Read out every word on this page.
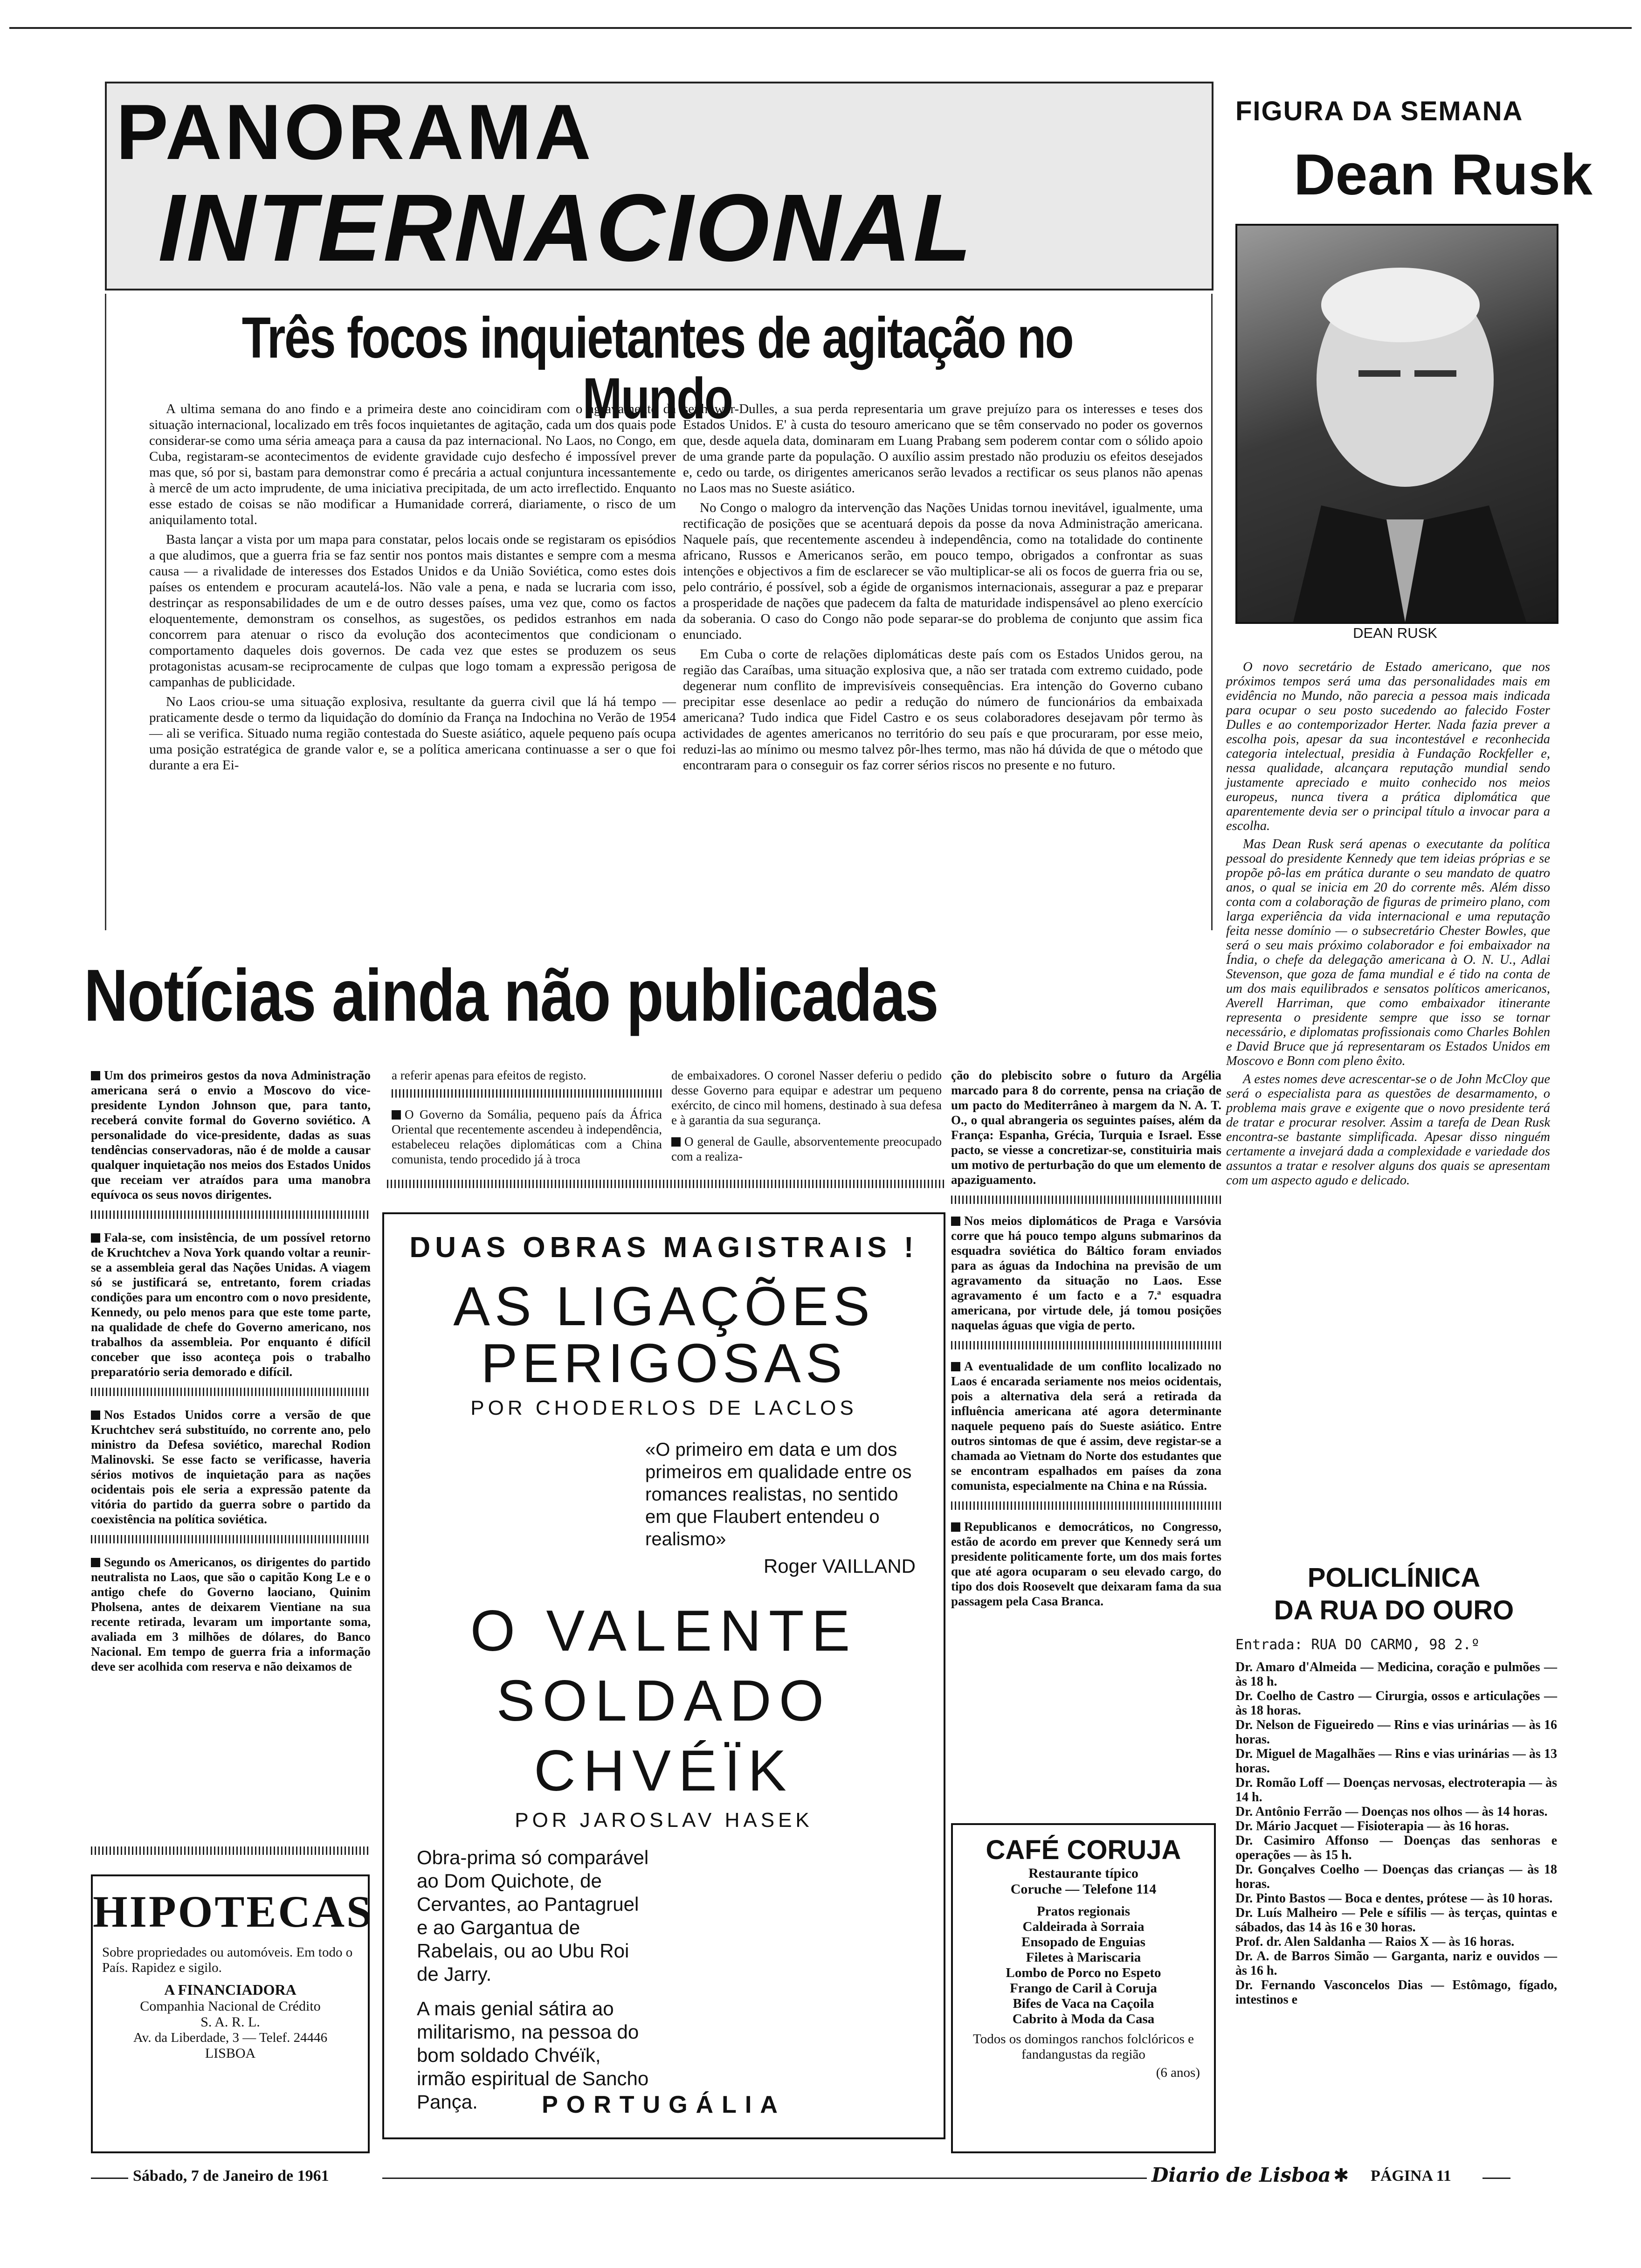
PANORAMA
INTERNACIONAL
FIGURA DA SEMANA
Dean Rusk
DEAN RUSK

O novo secretário de Estado americano, que nos próximos tempos será uma das personalidades mais em evidência no Mundo, não parecia a pessoa mais indicada para ocupar o seu posto sucedendo ao falecido Foster Dulles e ao contemporizador Herter. Nada fazia prever a escolha pois, apesar da sua incontestável e reconhecida categoria intelectual, presidia à Fundação Rockfeller e, nessa qualidade, alcançara reputação mundial sendo justamente apreciado e muito conhecido nos meios europeus, nunca tivera a prática diplomática que aparentemente devia ser o principal título a invocar para a escolha.

Mas Dean Rusk será apenas o executante da política pessoal do presidente Kennedy que tem ideias próprias e se propõe pô-las em prática durante o seu mandato de quatro anos, o qual se inicia em 20 do corrente mês. Além disso conta com a colaboração de figuras de primeiro plano, com larga experiência da vida internacional e uma reputação feita nesse domínio — o subsecretário Chester Bowles, que será o seu mais próximo colaborador e foi embaixador na Índia, o chefe da delegação americana à O. N. U., Adlai Stevenson, que goza de fama mundial e é tido na conta de um dos mais equilibrados e sensatos políticos americanos, Averell Harriman, que como embaixador itinerante representa o presidente sempre que isso se tornar necessário, e diplomatas profissionais como Charles Bohlen e David Bruce que já representaram os Estados Unidos em Moscovo e Bonn com pleno êxito.

A estes nomes deve acrescentar-se o de John McCloy que será o especialista para as questões de desarmamento, o problema mais grave e exigente que o novo presidente terá de tratar e procurar resolver. Assim a tarefa de Dean Rusk encontra-se bastante simplificada. Apesar disso ninguém certamente a invejará dada a complexidade e variedade dos assuntos a tratar e resolver alguns dos quais se apresentam com um aspecto agudo e delicado.

Três focos inquietantes de agitação no Mundo

A ultima semana do ano findo e a primeira deste ano coincidiram com o agravamento da situação internacional, localizado em três focos inquietantes de agitação, cada um dos quais pode considerar-se como uma séria ameaça para a causa da paz internacional. No Laos, no Congo, em Cuba, registaram-se acontecimentos de evidente gravidade cujo desfecho é impossível prever mas que, só por si, bastam para demonstrar como é precária a actual conjuntura incessantemente à mercê de um acto imprudente, de uma iniciativa precipitada, de um acto irreflectido. Enquanto esse estado de coisas se não modificar a Humanidade correrá, diariamente, o risco de um aniquilamento total.

Basta lançar a vista por um mapa para constatar, pelos locais onde se registaram os episódios a que aludimos, que a guerra fria se faz sentir nos pontos mais distantes e sempre com a mesma causa — a rivalidade de interesses dos Estados Unidos e da União Soviética, como estes dois países os entendem e procuram acautelá-los. Não vale a pena, e nada se lucraria com isso, destrinçar as responsabilidades de um e de outro desses países, uma vez que, como os factos eloquentemente, demonstram os conselhos, as sugestões, os pedidos estranhos em nada concorrem para atenuar o risco da evolução dos acontecimentos que condicionam o comportamento daqueles dois governos. De cada vez que estes se produzem os seus protagonistas acusam-se reciprocamente de culpas que logo tomam a expressão perigosa de campanhas de publicidade.

No Laos criou-se uma situação explosiva, resultante da guerra civil que lá há tempo — praticamente desde o termo da liquidação do domínio da França na Indochina no Verão de 1954 — ali se verifica. Situado numa região contestada do Sueste asiático, aquele pequeno país ocupa uma posição estratégica de grande valor e, se a política americana continuasse a ser o que foi durante a era Ei-

senhower-Dulles, a sua perda representaria um grave prejuízo para os interesses e teses dos Estados Unidos. E' à custa do tesouro americano que se têm conservado no poder os governos que, desde aquela data, dominaram em Luang Prabang sem poderem contar com o sólido apoio de uma grande parte da população. O auxílio assim prestado não produziu os efeitos desejados e, cedo ou tarde, os dirigentes americanos serão levados a rectificar os seus planos não apenas no Laos mas no Sueste asiático.

No Congo o malogro da intervenção das Nações Unidas tornou inevitável, igualmente, uma rectificação de posições que se acentuará depois da posse da nova Administração americana. Naquele país, que recentemente ascendeu à independência, como na totalidade do continente africano, Russos e Americanos serão, em pouco tempo, obrigados a confrontar as suas intenções e objectivos a fim de esclarecer se vão multiplicar-se ali os focos de guerra fria ou se, pelo contrário, é possível, sob a égide de organismos internacionais, assegurar a paz e preparar a prosperidade de nações que padecem da falta de maturidade indispensável ao pleno exercício da soberania. O caso do Congo não pode separar-se do problema de conjunto que assim fica enunciado.

Em Cuba o corte de relações diplomáticas deste país com os Estados Unidos gerou, na região das Caraíbas, uma situação explosiva que, a não ser tratada com extremo cuidado, pode degenerar num conflito de imprevisíveis consequências. Era intenção do Governo cubano precipitar esse desenlace ao pedir a redução do número de funcionários da embaixada americana? Tudo indica que Fidel Castro e os seus colaboradores desejavam pôr termo às actividades de agentes americanos no território do seu país e que procuraram, por esse meio, reduzi-las ao mínimo ou mesmo talvez pôr-lhes termo, mas não há dúvida de que o método que encontraram para o conseguir os faz correr sérios riscos no presente e no futuro.

Notícias ainda não publicadas
Um dos primeiros gestos da nova Administração americana será o envio a Moscovo do vice-presidente Lyndon Johnson que, para tanto, receberá convite formal do Governo soviético. A personalidade do vice-presidente, dadas as suas tendências conservadoras, não é de molde a causar qualquer inquietação nos meios dos Estados Unidos que receiam ver atraídos para uma manobra equívoca os seus novos dirigentes.
Fala-se, com insistência, de um possível retorno de Kruchtchev a Nova York quando voltar a reunir-se a assembleia geral das Nações Unidas. A viagem só se justificará se, entretanto, forem criadas condições para um encontro com o novo presidente, Kennedy, ou pelo menos para que este tome parte, na qualidade de chefe do Governo americano, nos trabalhos da assembleia. Por enquanto é difícil conceber que isso aconteça pois o trabalho preparatório seria demorado e difícil.
Nos Estados Unidos corre a versão de que Kruchtchev será substituído, no corrente ano, pelo ministro da Defesa soviético, marechal Rodion Malinovski. Se esse facto se verificasse, haveria sérios motivos de inquietação para as nações ocidentais pois ele seria a expressão patente da vitória do partido da guerra sobre o partido da coexistência na política soviética.
Segundo os Americanos, os dirigentes do partido neutralista no Laos, que são o capitão Kong Le e o antigo chefe do Governo laociano, Quinim Pholsena, antes de deixarem Vientiane na sua recente retirada, levaram um importante soma, avaliada em 3 milhões de dólares, do Banco Nacional. Em tempo de guerra fria a informação deve ser acolhida com reserva e não deixamos de
a referir apenas para efeitos de registo.
O Governo da Somália, pequeno país da África Oriental que recentemente ascendeu à independência, estabeleceu relações diplomáticas com a China comunista, tendo procedido já à troca
de embaixadores. O coronel Nasser deferiu o pedido desse Governo para equipar e adestrar um pequeno exército, de cinco mil homens, destinado à sua defesa e à garantia da sua segurança.
O general de Gaulle, absorventemente preocupado com a realiza-
ção do plebiscito sobre o futuro da Argélia marcado para 8 do corrente, pensa na criação de um pacto do Mediterrâneo à margem da N. A. T. O., o qual abrangeria os seguintes países, além da França: Espanha, Grécia, Turquia e Israel. Esse pacto, se viesse a concretizar-se, constituiria mais um motivo de perturbação do que um elemento de apaziguamento.
Nos meios diplomáticos de Praga e Varsóvia corre que há pouco tempo alguns submarinos da esquadra soviética do Báltico foram enviados para as águas da Indochina na previsão de um agravamento da situação no Laos. Esse agravamento é um facto e a 7.ª esquadra americana, por virtude dele, já tomou posições naquelas águas que vigia de perto.
A eventualidade de um conflito localizado no Laos é encarada seriamente nos meios ocidentais, pois a alternativa dela será a retirada da influência americana até agora determinante naquele pequeno país do Sueste asiático. Entre outros sintomas de que é assim, deve registar-se a chamada ao Vietnam do Norte dos estudantes que se encontram espalhados em países da zona comunista, especialmente na China e na Rússia.
Republicanos e democráticos, no Congresso, estão de acordo em prever que Kennedy será um presidente politicamente forte, um dos mais fortes que até agora ocuparam o seu elevado cargo, do tipo dos dois Roosevelt que deixaram fama da sua passagem pela Casa Branca.
DUAS OBRAS MAGISTRAIS !
AS LIGAÇÕES
PERIGOSAS
POR CHODERLOS DE LACLOS
«O primeiro em data e um dos primeiros em qualidade entre os romances realistas, no sentido em que Flaubert entendeu o realismo»
Roger VAILLAND
O VALENTE
SOLDADO
CHVÉÏK
POR JAROSLAV HASEK
Obra-prima só comparável ao Dom Quichote, de Cervantes, ao Pantagruel e ao Gargantua de Rabelais, ou ao Ubu Roi de Jarry.
A mais genial sátira ao militarismo, na pessoa do bom soldado Chvéïk, irmão espiritual de Sancho Pança.	PORTUGÁLIA
HIPOTECAS
Sobre propriedades ou automóveis. Em todo o País. Rapidez e sigilo.
A FINANCIADORA
Companhia Nacional de Crédito
S. A. R. L.
Av. da Liberdade, 3 — Telef. 24446
LISBOA
CAFÉ CORUJA
Restaurante típico
Coruche — Telefone 114
Pratos regionais
Caldeirada à Sorraia
Ensopado de Enguias
Filetes à Mariscaria
Lombo de Porco no Espeto
Frango de Caril à Coruja
Bifes de Vaca na Caçoila
Cabrito à Moda da Casa
Todos os domingos ranchos folclóricos e fandangustas da região
(6 anos)
POLICLÍNICA
DA RUA DO OURO
Entrada: RUA DO CARMO, 98 2.º
Dr. Amaro d'Almeida — Medicina, coração e pulmões — às 18 h.
Dr. Coelho de Castro — Cirurgia, ossos e articulações — às 18 horas.
Dr. Nelson de Figueiredo — Rins e vias urinárias — às 16 horas.
Dr. Miguel de Magalhães — Rins e vias urinárias — às 13 horas.
Dr. Romão Loff — Doenças nervosas, electroterapia — às 14 h.
Dr. Antônio Ferrão — Doenças nos olhos — às 14 horas.
Dr. Mário Jacquet — Fisioterapia — às 16 horas.
Dr. Casimiro Affonso — Doenças das senhoras e operações — às 15 h.
Dr. Gonçalves Coelho — Doenças das crianças — às 18 horas.
Dr. Pinto Bastos — Boca e dentes, prótese — às 10 horas.
Dr. Luís Malheiro — Pele e sífilis — às terças, quintas e sábados, das 14 às 16 e 30 horas.
Prof. dr. Alen Saldanha — Raios X — às 16 horas.
Dr. A. de Barros Simão — Garganta, nariz e ouvidos — às 16 h.
Dr. Fernando Vasconcelos Dias — Estômago, fígado, intestinos e
Sábado, 7 de Janeiro de 1961	Diario de Lisboa ✱ PÁGINA 11
